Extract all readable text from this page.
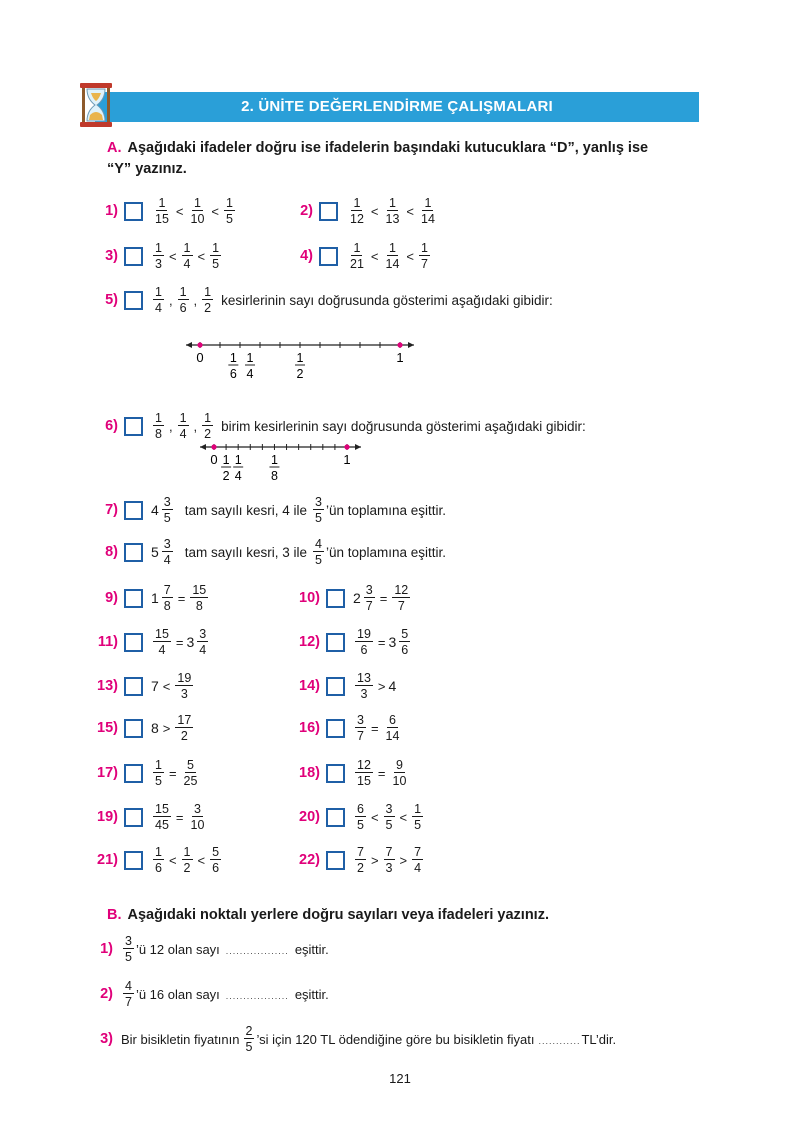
2. ÜNİTE DEĞERLENDİRME ÇALIŞMALARI
A. Aşağıdaki ifadeler doğru ise ifadelerin başındaki kutucuklara “D”, yanlış ise
“Y” yazınız.
1)	$\frac{1}{15} < \frac{1}{10} < \frac{1}{5}$	2)	$\frac{1}{12} < \frac{1}{13} < \frac{1}{14}$
3)	$\frac{1}{3} < \frac{1}{4} < \frac{1}{5}$	4)	$\frac{1}{21} < \frac{1}{14} < \frac{1}{7}$
5)	$\frac{1}{4}$ , $\frac{1}{6}$ , $\frac{1}{2}$ kesirlerinin sayı doğrusunda gösterimi aşağıdaki gibidir:
6)	$\frac{1}{8}$ , $\frac{1}{4}$ , $\frac{1}{2}$ birim kesirlerinin sayı doğrusunda gösterimi aşağıdaki gibidir:
7) $4 \frac{3}{5}$ tam sayılı kesri, 4 ile $\frac{3}{5}$ ’ün toplamına eşittir.
8) $5 \frac{3}{4}$ tam sayılı kesri, 3 ile $\frac{4}{5}$ ’ün toplamına eşittir.
9) $1 \frac{7}{8} = \frac{15}{8}$	10) $2 \frac{3}{7} = \frac{12}{7}$
11)	$\frac{15}{4} = 3 \frac{3}{4}$	12)	$\frac{19}{6} = 3 \frac{5}{6}$
13) $7 < \frac{19}{3}$	14)	$\frac{13}{3} > 4$
15) $8 > \frac{17}{2}$	16)	$\frac{3}{7} = \frac{6}{14}$
17)	$\frac{1}{5} = \frac{5}{25}$	18)	$\frac{12}{15} = \frac{9}{10}$
19)	$\frac{15}{45} = \frac{3}{10}$	20)	$\frac{6}{5} < \frac{3}{5} < \frac{1}{5}$
21)	$\frac{1}{6} < \frac{1}{2} < \frac{5}{6}$	22)	$\frac{7}{2} > \frac{7}{3} > \frac{7}{4}$
0 1
6
1
4
1
2
1
0 1
2
1
4
1
8
1
B. Aşağıdaki noktalı yerlere doğru sayıları veya ifadeleri yazınız.
$1) \frac{3}{5}$ ’ü 12 olan sayı .................. eşittir.
$2) \frac{4}{7}$ ’ü 16 olan sayı .................. eşittir.
3) Bir bisikletin fiyatının $\frac{2}{5}$ ’si için 120 TL ödendiğine göre bu bisikletin fiyatı ............ TL’dir.
121
